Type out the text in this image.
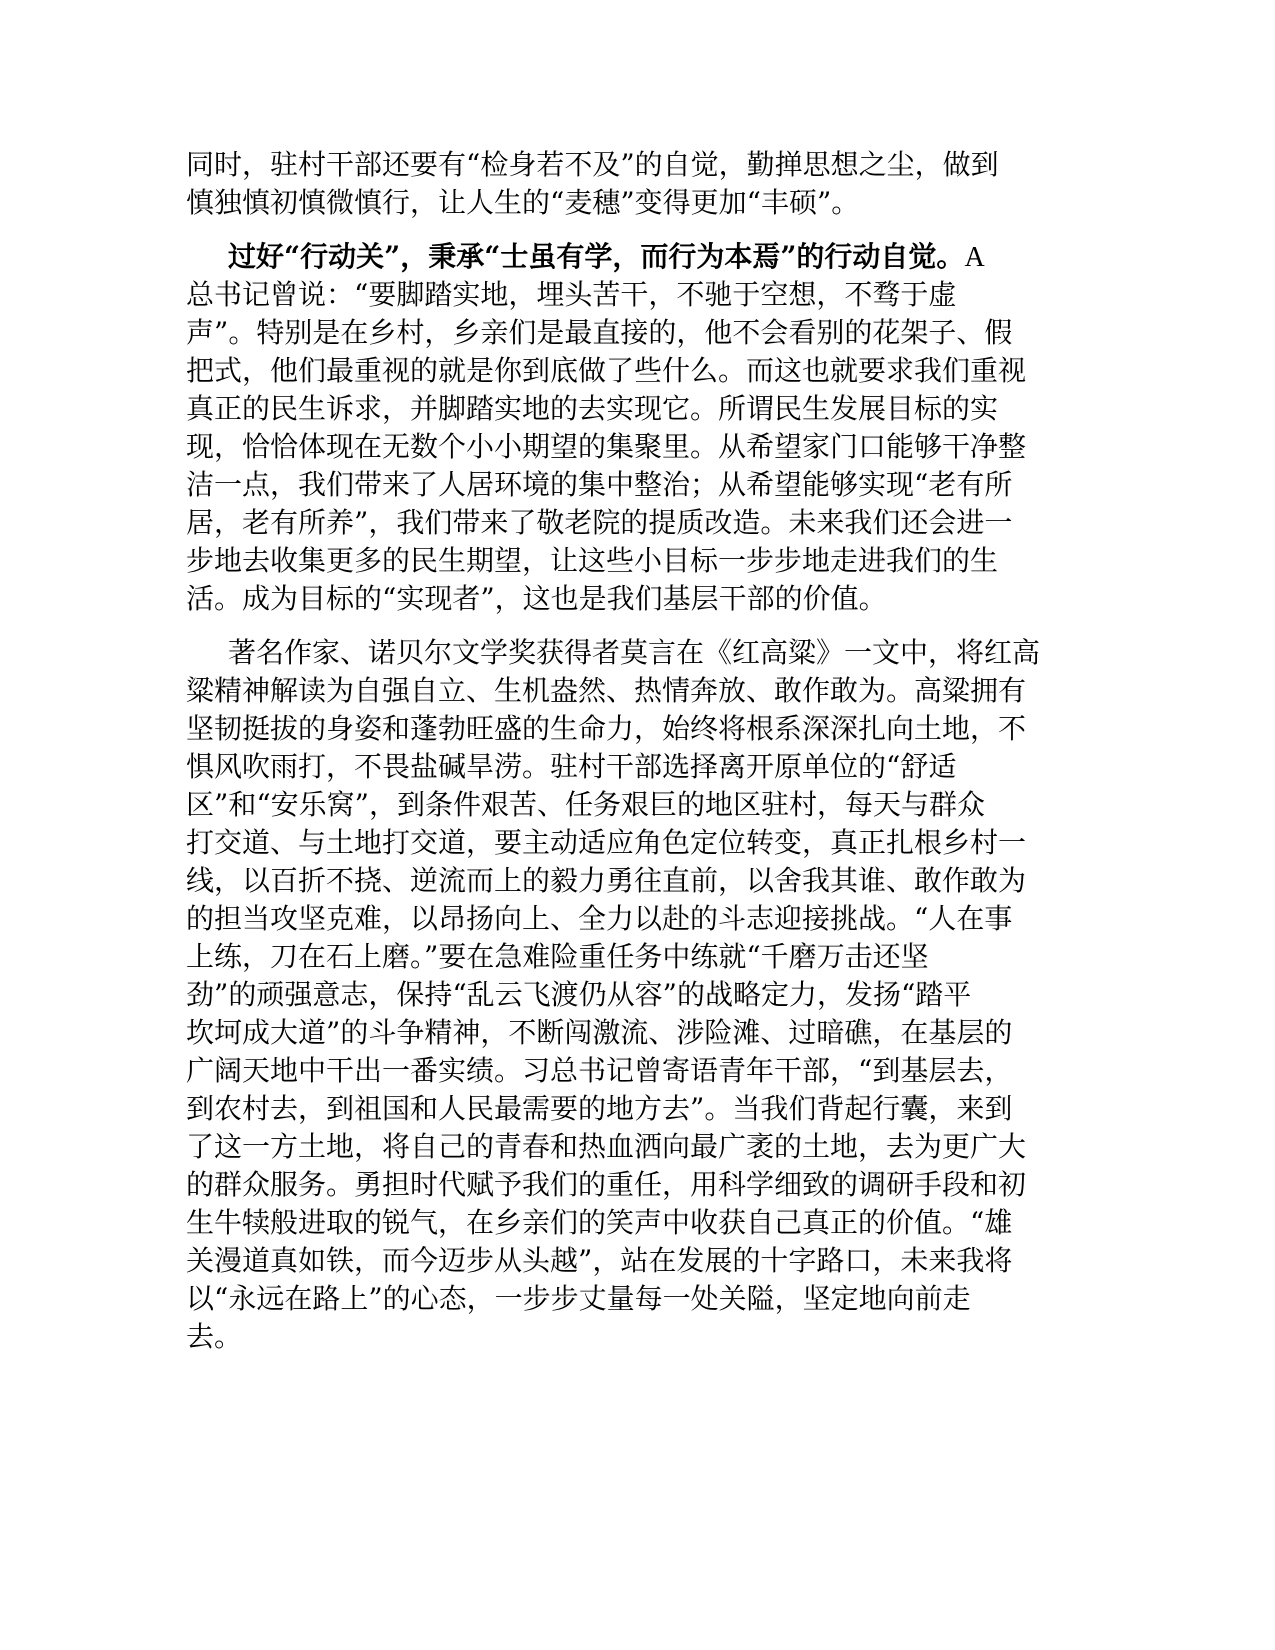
同时，驻村干部还要有“检身若不及”的自觉，勤掸思想之尘，做到
慎独慎初慎微慎行，让人生的“麦穗”变得更加“丰硕”。
过好“行动关”，秉承“士虽有学，而行为本焉”的行动自觉。A
总书记曾说：“要脚踏实地，埋头苦干，不驰于空想，不骛于虚
声”。特别是在乡村，乡亲们是最直接的，他不会看别的花架子、假
把式，他们最重视的就是你到底做了些什么。而这也就要求我们重视
真正的民生诉求，并脚踏实地的去实现它。所谓民生发展目标的实
现，恰恰体现在无数个小小期望的集聚里。从希望家门口能够干净整
洁一点，我们带来了人居环境的集中整治；从希望能够实现“老有所
居，老有所养”，我们带来了敬老院的提质改造。未来我们还会进一
步地去收集更多的民生期望，让这些小目标一步步地走进我们的生
活。成为目标的“实现者”，这也是我们基层干部的价值。
著名作家、诺贝尔文学奖获得者莫言在《红高粱》一文中，将红高
粱精神解读为自强自立、生机盎然、热情奔放、敢作敢为。高粱拥有
坚韧挺拔的身姿和蓬勃旺盛的生命力，始终将根系深深扎向土地，不
惧风吹雨打，不畏盐碱旱涝。驻村干部选择离开原单位的“舒适
区”和“安乐窝”，到条件艰苦、任务艰巨的地区驻村，每天与群众
打交道、与土地打交道，要主动适应角色定位转变，真正扎根乡村一
线，以百折不挠、逆流而上的毅力勇往直前，以舍我其谁、敢作敢为
的担当攻坚克难，以昂扬向上、全力以赴的斗志迎接挑战。“人在事
上练，刀在石上磨。”要在急难险重任务中练就“千磨万击还坚
劲”的顽强意志，保持“乱云飞渡仍从容”的战略定力，发扬“踏平
坎坷成大道”的斗争精神，不断闯激流、涉险滩、过暗礁，在基层的
广阔天地中干出一番实绩。习总书记曾寄语青年干部，“到基层去，
到农村去，到祖国和人民最需要的地方去”。当我们背起行囊，来到
了这一方土地，将自己的青春和热血洒向最广袤的土地，去为更广大
的群众服务。勇担时代赋予我们的重任，用科学细致的调研手段和初
生牛犊般进取的锐气，在乡亲们的笑声中收获自己真正的价值。“雄
关漫道真如铁，而今迈步从头越”，站在发展的十字路口，未来我将
以“永远在路上”的心态，一步步丈量每一处关隘，坚定地向前走
去。
